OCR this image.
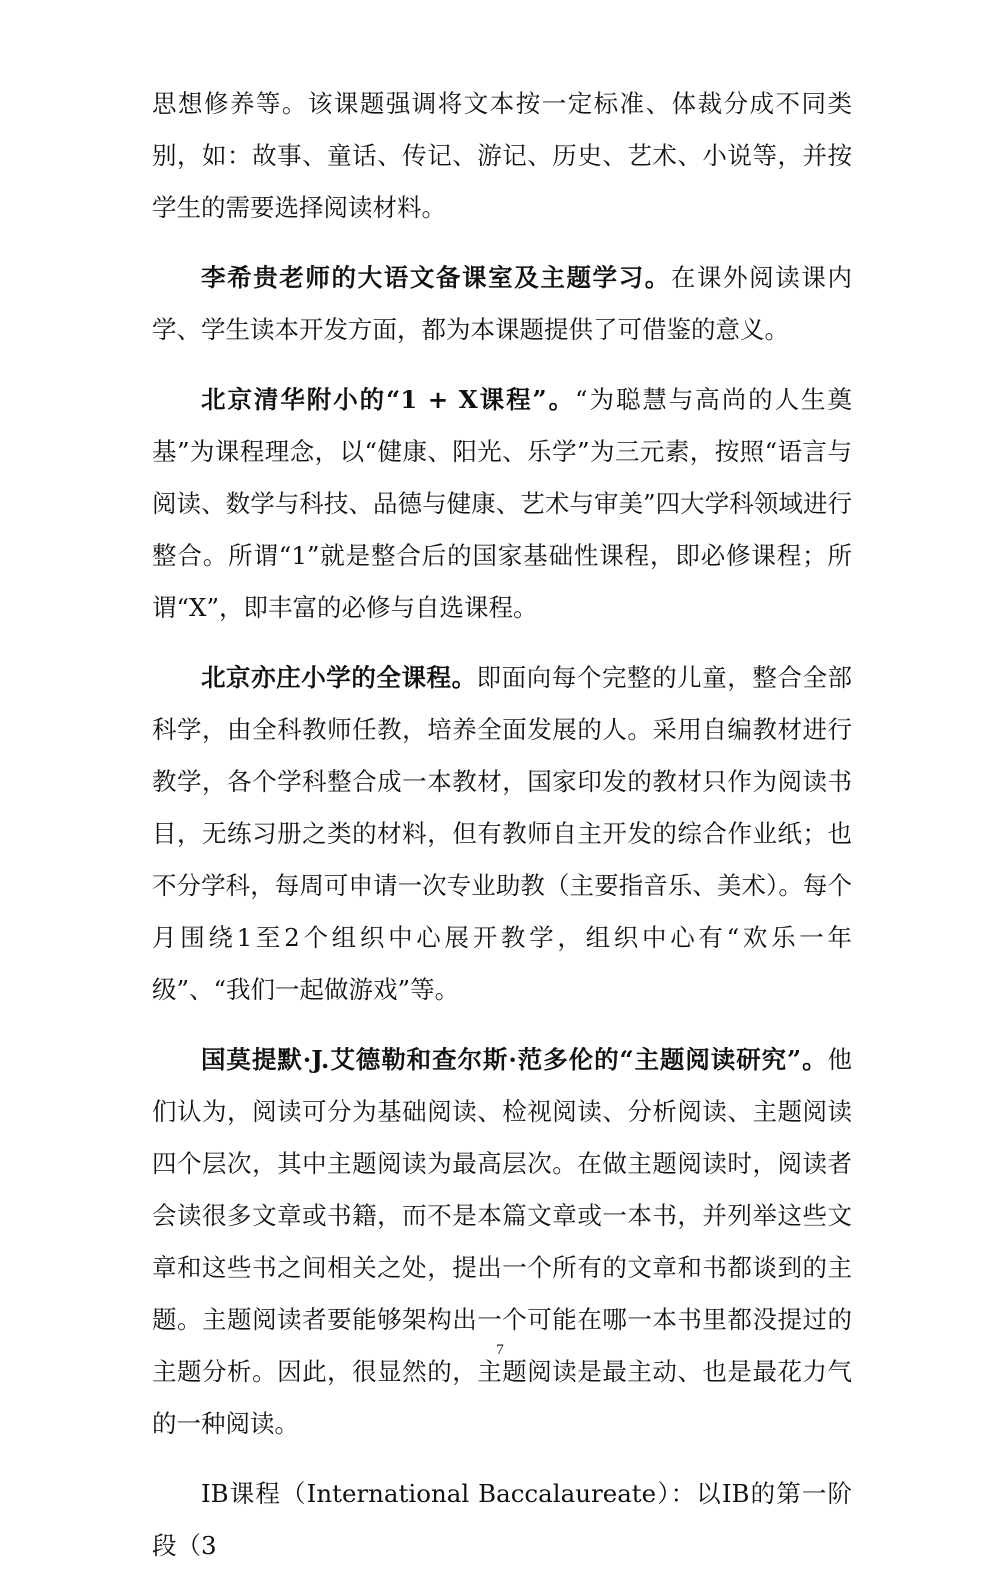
思想修养等。该课题强调将文本按一定标准、体裁分成不同类别，如：故事、童话、传记、游记、历史、艺术、小说等，并按学生的需要选择阅读材料。

李希贵老师的大语文备课室及主题学习。在课外阅读课内学、学生读本开发方面，都为本课题提供了可借鉴的意义。

北京清华附小的“1 + X课程”。“为聪慧与高尚的人生奠基”为课程理念，以“健康、阳光、乐学”为三元素，按照“语言与阅读、数学与科技、品德与健康、艺术与审美”四大学科领域进行整合。所谓“1”就是整合后的国家基础性课程，即必修课程；所谓“X”，即丰富的必修与自选课程。

北京亦庄小学的全课程。即面向每个完整的儿童，整合全部科学，由全科教师任教，培养全面发展的人。采用自编教材进行教学，各个学科整合成一本教材，国家印发的教材只作为阅读书目，无练习册之类的材料，但有教师自主开发的综合作业纸；也不分学科，每周可申请一次专业助教（主要指音乐、美术）。每个月围绕1至2个组织中心展开教学，组织中心有“欢乐一年级”、“我们一起做游戏”等。

国莫提默·J.艾德勒和查尔斯·范多伦的“主题阅读研究”。他们认为，阅读可分为基础阅读、检视阅读、分析阅读、主题阅读四个层次，其中主题阅读为最高层次。在做主题阅读时，阅读者会读很多文章或书籍，而不是本篇文章或一本书，并列举这些文章和这些书之间相关之处，提出一个所有的文章和书都谈到的主题。主题阅读者要能够架构出一个可能在哪一本书里都没提过的主题分析。因此，很显然的，主题阅读是最主动、也是最花力气的一种阅读。

IB课程（International Baccalaureate）：以IB的第一阶段（3

7
